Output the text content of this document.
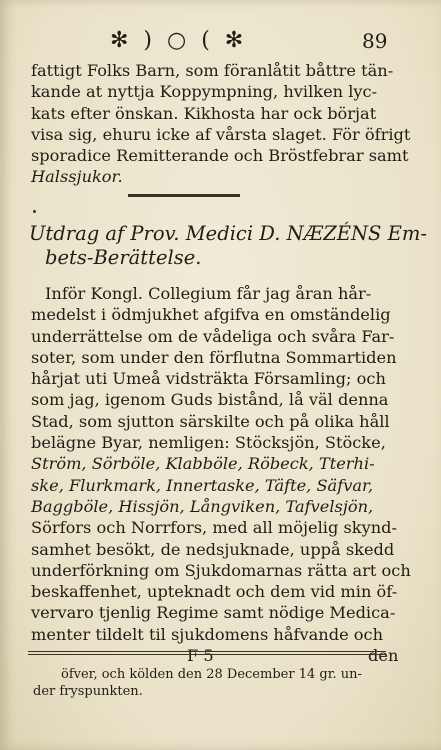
✻ ) ○ ( ✻	89
fattigt Folks Barn, som föranlåtit båttre tän-
kande at nyttja Koppympning, hvilken lyc-
kats efter önskan. Kikhosta har ock börjat
visa sig, ehuru icke af vårsta slaget. För öfrigt
sporadice Remitterande och Bröstfebrar samt
Halssjukor.
Utdrag af Prov. Medici D. NÆZÉNS Em-
bets-Berättelse.
Inför Kongl. Collegium får jag åran hår-
medelst i ödmjukhet afgifva en omständelig
underrättelse om de vådeliga och svåra Far-
soter, som under den förflutna Sommartiden
hårjat uti Umeå vidsträkta Församling; och
som jag, igenom Guds bistånd, lå väl denna
Stad, som sjutton särskilte och på olika håll
belägne Byar, nemligen: Stöcksjön, Stöcke,
Ström, Sörböle, Klabböle, Röbeck, Tterhi-
ske, Flurkmark, Innertaske, Täfte, Säfvar,
Baggböle, Hissjön, Långviken, Tafvelsjön,
Sörfors och Norrfors, med all möjelig skynd-
samhet besökt, de nedsjuknade, uppå skedd
underförkning om Sjukdomarnas rätta art och
beskaffenhet, upteknadt och dem vid min öf-
vervaro tjenlig Regime samt nödige Medica-
menter tildelt til sjukdomens håfvande och
F 5	den
öfver, och kölden den 28 December 14 gr. un-
der fryspunkten.
